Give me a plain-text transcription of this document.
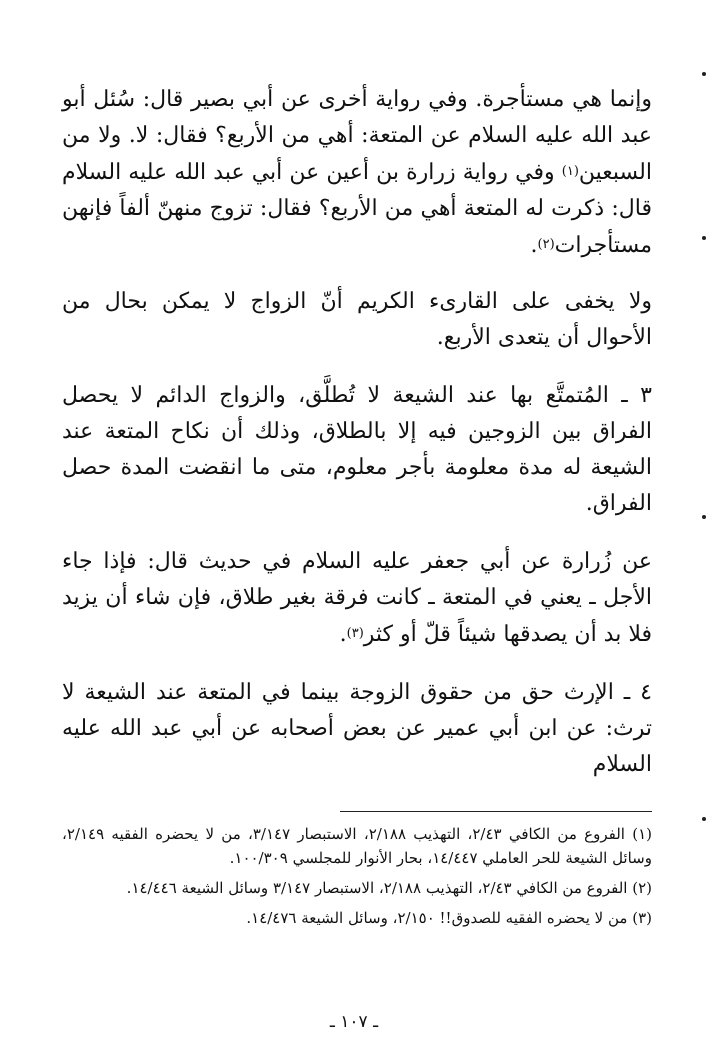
وإنما هي مستأجرة. وفي رواية أخرى عن أبي بصير قال: سُئل أبو عبد الله عليه السلام عن المتعة: أهي من الأربع؟ فقال: لا. ولا من السبعين$^{(١)}$ وفي رواية زرارة بن أعين عن أبي عبد الله عليه السلام قال: ذكرت له المتعة أهي من الأربع؟ فقال: تزوج منهنّ ألفاً فإنهن مستأجرات$^{(٢)}$.

ولا يخفى على القارىء الكريم أنّ الزواج لا يمكن بحال من الأحوال أن يتعدى الأربع.

٣ ـ المُتمتَّع بها عند الشيعة لا تُطلَّق، والزواج الدائم لا يحصل الفراق بين الزوجين فيه إلا بالطلاق، وذلك أن نكاح المتعة عند الشيعة له مدة معلومة بأجر معلوم، متى ما انقضت المدة حصل الفراق.

عن زُرارة عن أبي جعفر عليه السلام في حديث قال: فإذا جاء الأجل ـ يعني في المتعة ـ كانت فرقة بغير طلاق، فإن شاء أن يزيد فلا بد أن يصدقها شيئاً قلّ أو كثر$^{(٣)}$.

٤ ـ الإرث حق من حقوق الزوجة بينما في المتعة عند الشيعة لا ترث: عن ابن أبي عمير عن بعض أصحابه عن أبي عبد الله عليه السلام

(١) الفروع من الكافي ٢/٤٣، التهذيب ٢/١٨٨، الاستبصار ٣/١٤٧، من لا يحضره الفقيه ٢/١٤٩، وسائل الشيعة للحر العاملي ١٤/٤٤٧، بحار الأنوار للمجلسي ١٠٠/٣٠٩.

(٢) الفروع من الكافي ٢/٤٣، التهذيب ٢/١٨٨، الاستبصار ٣/١٤٧ وسائل الشيعة ١٤/٤٤٦.

(٣) من لا يحضره الفقيه للصدوق!! ٢/١٥٠، وسائل الشيعة ١٤/٤٧٦.

ـ ١٠٧ ـ
